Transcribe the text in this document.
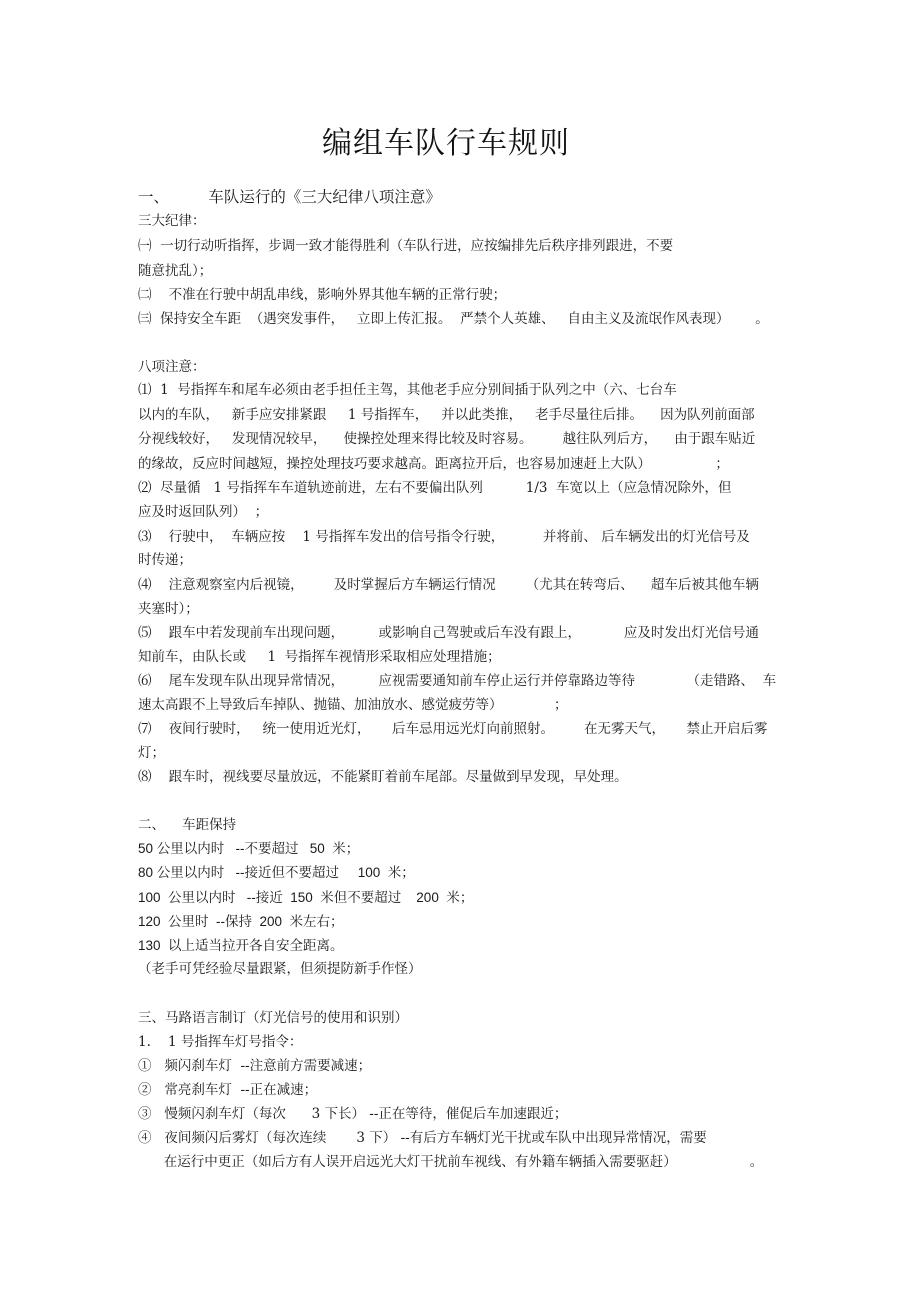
编组车队行车规则
一、        车队运行的《三大纪律八项注意》
三大纪律：
㈠  一切行动听指挥，步调一致才能得胜利（车队行进，应按编排先后秩序排列跟进，不要
随意扰乱）；
㈡    不准在行驶中胡乱串线，影响外界其他车辆的正常行驶；
㈢  保持安全车距  （遇突发事件，   立即上传汇报。  严禁个人英雄、   自由主义及流氓作风表现）      。
八项注意：
⑴  1  号指挥车和尾车必须由老手担任主驾，其他老手应分别间插于队列之中（六、七台车
以内的车队，   新手应安排紧跟     1 号指挥车，   并以此类推，   老手尽量往后排。    因为队列前面部
分视线较好，   发现情况较早，    使操控处理来得比较及时容易。       越往队列后方，    由于跟车贴近
的缘故，反应时间越短，操控处理技巧要求越高。距离拉开后，也容易加速赶上大队）               ；
⑵  尽量循   1 号指挥车车道轨迹前进，左右不要偏出队列          1/3  车宽以上（应急情况除外，但
应及时返回队列）  ；
⑶    行驶中，  车辆应按    1 号指挥车发出的信号指令行驶，         并将前、 后车辆发出的灯光信号及
时传递；
⑷    注意观察室内后视镜，       及时掌握后方车辆运行情况       （尤其在转弯后、    超车后被其他车辆
夹塞时）；
⑸    跟车中若发现前车出现问题，        或影响自己驾驶或后车没有跟上，          应及时发出灯光信号通
知前车，由队长或     1  号指挥车视情形采取相应处理措施；
⑹    尾车发现车队出现异常情况，        应视需要通知前车停止运行并停靠路边等待            （走错路、  车
速太高跟不上导致后车掉队、抛锚、加油放水、感觉疲劳等）            ；
⑺    夜间行驶时，   统一使用近光灯，     后车忌用远光灯向前照射。       在无雾天气，     禁止开启后雾
灯；
⑻    跟车时，视线要尽量放远，不能紧盯着前车尾部。尽量做到早发现，早处理。
二、    车距保持
50 公里以内时   --不要超过   50  米；
80 公里以内时   --接近但不要超过     100  米；
100  公里以内时   --接近  150  米但不要超过    200  米；
120  公里时  --保持  200  米左右；
130  以上适当拉开各自安全距离。
（老手可凭经验尽量跟紧，但须提防新手作怪）
三、马路语言制订（灯光信号的使用和识别）
1.    1 号指挥车灯号指令：
①   频闪刹车灯  --注意前方需要减速；
②   常亮刹车灯  --正在减速；
③   慢频闪刹车灯（每次      3 下长） --正在等待，催促后车加速跟近；
④   夜间频闪后雾灯（每次连续       3 下） --有后方车辆灯光干扰或车队中出现异常情况，需要
在运行中更正（如后方有人误开启远光大灯干扰前车视线、有外籍车辆插入需要驱赶）                 。
